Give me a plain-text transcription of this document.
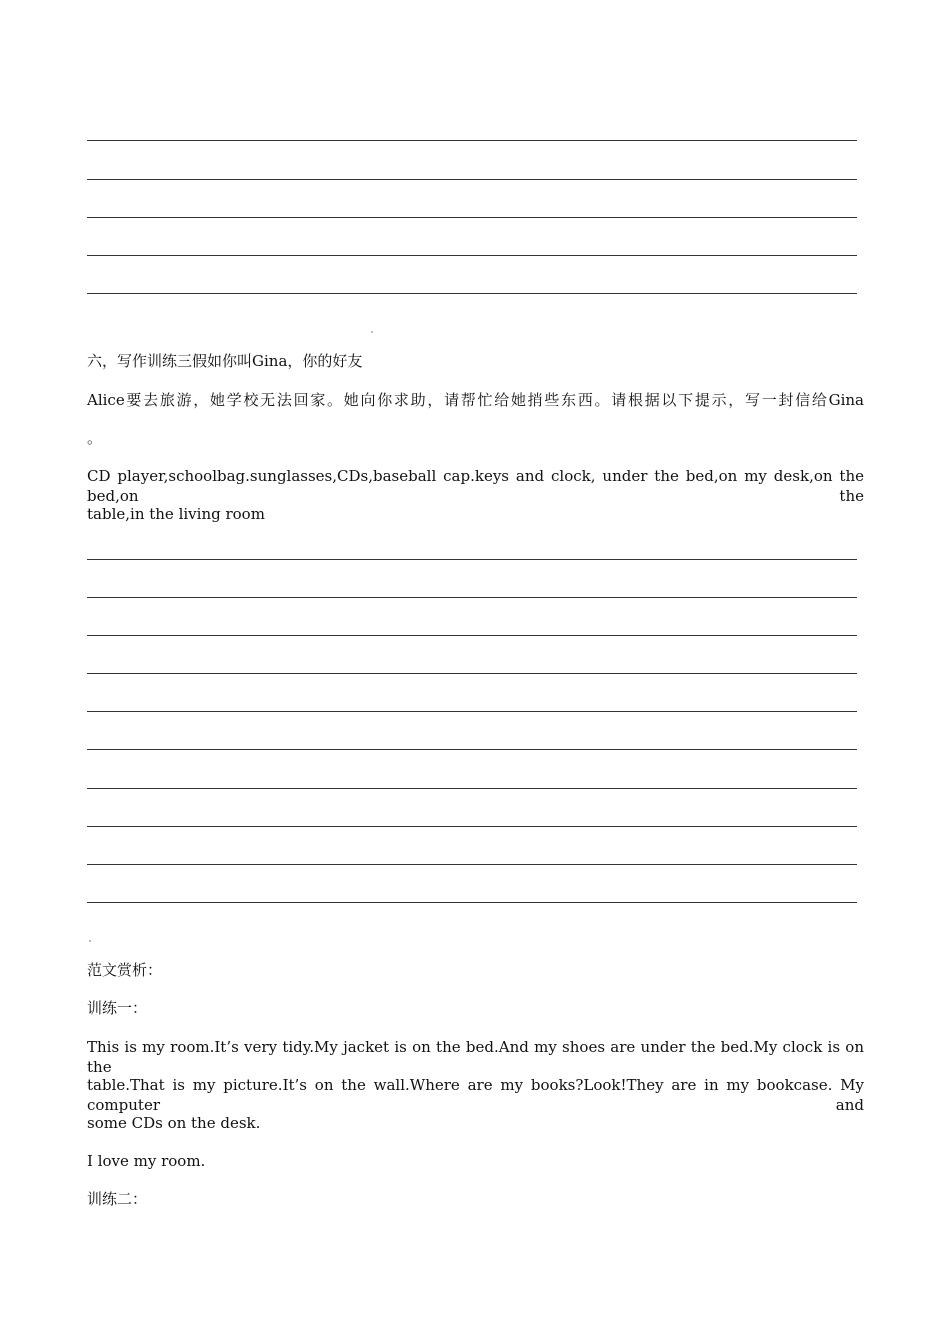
六，写作训练三假如你叫Gina，你的好友
Alice要去旅游，她学校无法回家。她向你求助，请帮忙给她捎些东西。请根据以下提示，写一封信给Gina
。
CD player,schoolbag.sunglasses,CDs,baseball cap.keys and clock, under the bed,on my desk,on the bed,on the
table,in the living room
范文赏析：
训练一：
This is my room.It’s very tidy.My jacket is on the bed.And my shoes are under the bed.My clock is on the
table.That is my picture.It’s on the wall.Where are my books?Look!They are in my bookcase. My computer and
some CDs on the desk.
I love my room.
训练二：
